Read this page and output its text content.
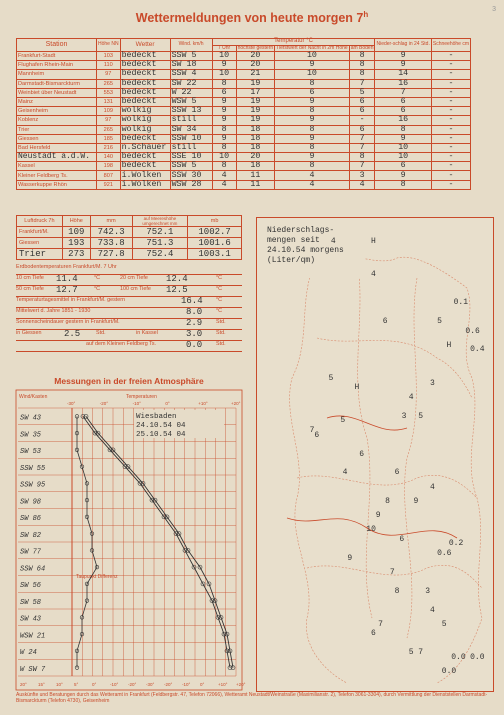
3
Wettermeldungen von heute morgen 7$^h$
Station	Höhe NN	Wetter	Wind. km/h	Temperatur °C				Nieder-schlag in 24 Std.	Schneehöhe cm
				7 Uhr	höchste gestern	Tiefstwert der Nacht in 2m Höhe	am Boden		
Frankfurt-Stadt	103	bedeckt	SSW 5	10	20	10	8	9	-
Flughafen Rhein-Main	110	bedeckt	SW 18	9	20	9	8	9	-
Mannheim	97	bedeckt	SSW 4	10	21	10	8	14	-
Darmstadt-Bismarckturm	265	bedeckt	SW 22	8	19	8	7	16	-
Weinbiet über Neustadt	553	bedeckt	W 22	6	17	6	5	7	-
Mainz	131	bedeckt	WSW 5	9	19	9	6	6	-
Geisenheim	109	wolkig	SSW 13	9	19	8	6	6	-
Koblenz	97	wolkig	still	9	19	9	-	16	-
Trier	265	wolkig	SW 34	8	18	8	6	8	-
Giessen	185	bedeckt	SSW 10	9	18	9	7	9	-
Bad Hersfeld	216	n.Schauer	still	8	18	8	7	10	-
Neustadt a.d.W.	140	bedeckt	SSE 10	10	20	9	8	10	-
Kassel	198	bedeckt	SSW 5	8	18	8	7	6	-
Kleiner Feldberg Ts.	807	i.Wolken	SSW 30	4	11	4	3	9	-
Wasserkuppe Rhön	921	i.Wolken	WSW 28	4	11	4	4	8	-
Luftdruck 7h	Höhe	mm	auf Meereshöhe umgerechnet mm	mb
Frankfurt/M.	109	742.3	752.1	1002.7
Giessen	193	733.8	751.3	1001.6
Trier	273	727.8	752.4	1003.1
Erdbodentemperaturen Frankfurt/M. 7 Uhr
10 cm Tiefe 11.4	°C	20 cm Tiefe 12.4	°C
50 cm Tiefe 12.7	°C	100 cm Tiefe 12.5	°C
Temperaturtagesmittel in Frankfurt/M. gestern	16.4 °C
Mittelwert d. Jahre 1851 - 1930	8.0	°C
Sonnenscheindauer gestern in Frankfurt/M.	2.9	Std.
in Giessen	2.5	Std.	in Kassel	3.0	Std.
auf dem Kleinen Feldberg Ts.	0.0	Std.
Messungen in der freien Atmosphäre
Wind/Kasten	Temperaturen
-30°	-20°	-10°	0°	+10°	+20°
20° 15° 10° 5°	0°	-10° -20° -30° -20° -10° 0°	+10° +20°
SW 43
SW 35
SW 53
SSW 55
SSW 95
SW 98
SW 86
SW 82
SW 77
SSW 64
SW 56
SW 58
SW 43
WSW 21
W 24
W SW 7
Wiesbaden
24.10.54 04
25.10.54 04
Taupunkt Differenz
Niederschlags-
mengen seit
24.10.54 morgens
(Liter/qm)
4	H
4
0.1
6	5
0.6
H
0.4
3
5
H
3
4
5
7
5
6
6
4	6
8
4
9
9
10
6
0.6
0.2
9
7
8	3
4
5
7
6
5 7
0.0 0.0
0.0
Auskünfte und Beratungen durch das Wetteramt in Frankfurt (Feldbergstr. 47, Telefon 72066), Wetteramt Neustadt/Weinstraße (Maximilianstr. 2), Telefon 3061-3304), durch Vermittlung der Dienststellen Darmstadt-Bismarckturm (Telefon 4730), Geisenheim
